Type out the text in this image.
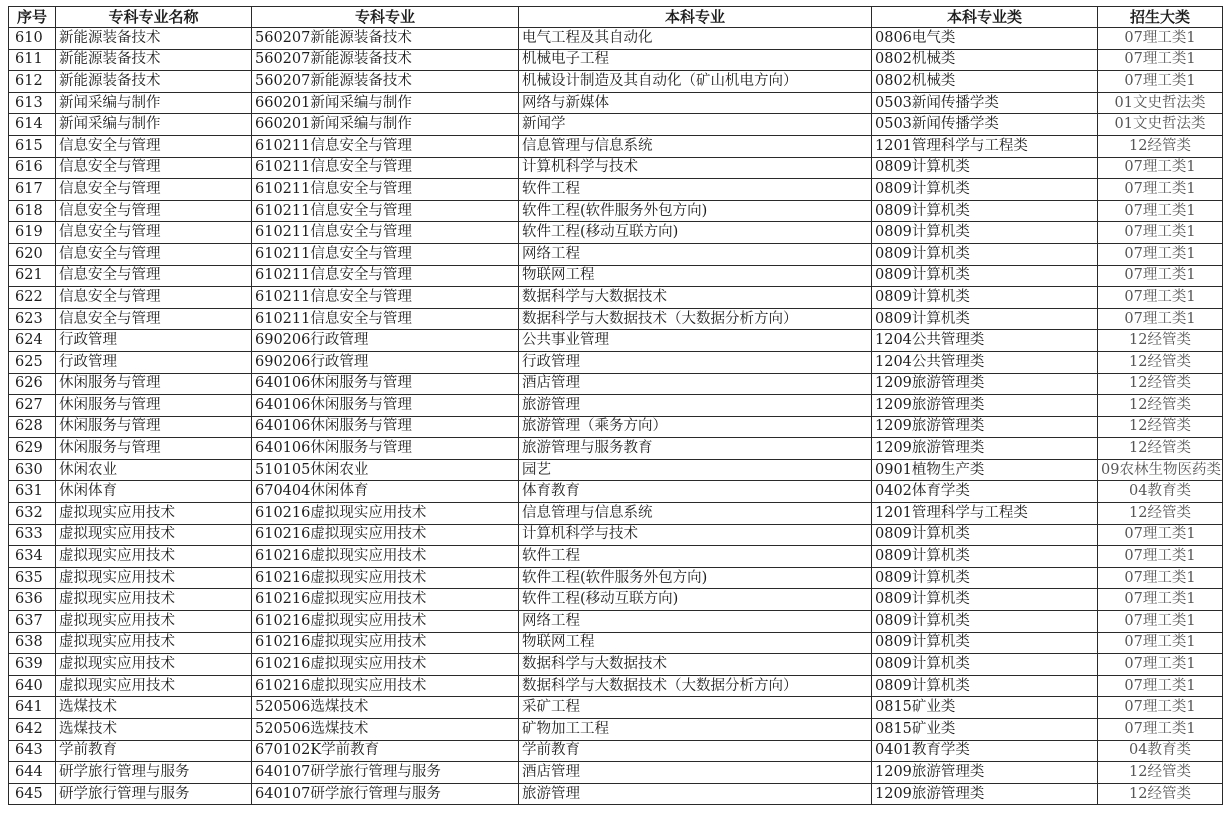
序号	专科专业名称	专科专业	本科专业	本科专业类	招生大类
610	新能源装备技术	560207新能源装备技术	电气工程及其自动化	0806电气类	07理工类1
611	新能源装备技术	560207新能源装备技术	机械电子工程	0802机械类	07理工类1
612	新能源装备技术	560207新能源装备技术	机械设计制造及其自动化（矿山机电方向）	0802机械类	07理工类1
613	新闻采编与制作	660201新闻采编与制作	网络与新媒体	0503新闻传播学类	01文史哲法类
614	新闻采编与制作	660201新闻采编与制作	新闻学	0503新闻传播学类	01文史哲法类
615	信息安全与管理	610211信息安全与管理	信息管理与信息系统	1201管理科学与工程类	12经管类
616	信息安全与管理	610211信息安全与管理	计算机科学与技术	0809计算机类	07理工类1
617	信息安全与管理	610211信息安全与管理	软件工程	0809计算机类	07理工类1
618	信息安全与管理	610211信息安全与管理	软件工程(软件服务外包方向)	0809计算机类	07理工类1
619	信息安全与管理	610211信息安全与管理	软件工程(移动互联方向)	0809计算机类	07理工类1
620	信息安全与管理	610211信息安全与管理	网络工程	0809计算机类	07理工类1
621	信息安全与管理	610211信息安全与管理	物联网工程	0809计算机类	07理工类1
622	信息安全与管理	610211信息安全与管理	数据科学与大数据技术	0809计算机类	07理工类1
623	信息安全与管理	610211信息安全与管理	数据科学与大数据技术（大数据分析方向）	0809计算机类	07理工类1
624	行政管理	690206行政管理	公共事业管理	1204公共管理类	12经管类
625	行政管理	690206行政管理	行政管理	1204公共管理类	12经管类
626	休闲服务与管理	640106休闲服务与管理	酒店管理	1209旅游管理类	12经管类
627	休闲服务与管理	640106休闲服务与管理	旅游管理	1209旅游管理类	12经管类
628	休闲服务与管理	640106休闲服务与管理	旅游管理（乘务方向）	1209旅游管理类	12经管类
629	休闲服务与管理	640106休闲服务与管理	旅游管理与服务教育	1209旅游管理类	12经管类
630	休闲农业	510105休闲农业	园艺	0901植物生产类	09农林生物医药类
631	休闲体育	670404休闲体育	体育教育	0402体育学类	04教育类
632	虚拟现实应用技术	610216虚拟现实应用技术	信息管理与信息系统	1201管理科学与工程类	12经管类
633	虚拟现实应用技术	610216虚拟现实应用技术	计算机科学与技术	0809计算机类	07理工类1
634	虚拟现实应用技术	610216虚拟现实应用技术	软件工程	0809计算机类	07理工类1
635	虚拟现实应用技术	610216虚拟现实应用技术	软件工程(软件服务外包方向)	0809计算机类	07理工类1
636	虚拟现实应用技术	610216虚拟现实应用技术	软件工程(移动互联方向)	0809计算机类	07理工类1
637	虚拟现实应用技术	610216虚拟现实应用技术	网络工程	0809计算机类	07理工类1
638	虚拟现实应用技术	610216虚拟现实应用技术	物联网工程	0809计算机类	07理工类1
639	虚拟现实应用技术	610216虚拟现实应用技术	数据科学与大数据技术	0809计算机类	07理工类1
640	虚拟现实应用技术	610216虚拟现实应用技术	数据科学与大数据技术（大数据分析方向）	0809计算机类	07理工类1
641	选煤技术	520506选煤技术	采矿工程	0815矿业类	07理工类1
642	选煤技术	520506选煤技术	矿物加工工程	0815矿业类	07理工类1
643	学前教育	670102K学前教育	学前教育	0401教育学类	04教育类
644	研学旅行管理与服务	640107研学旅行管理与服务	酒店管理	1209旅游管理类	12经管类
645	研学旅行管理与服务	640107研学旅行管理与服务	旅游管理	1209旅游管理类	12经管类
